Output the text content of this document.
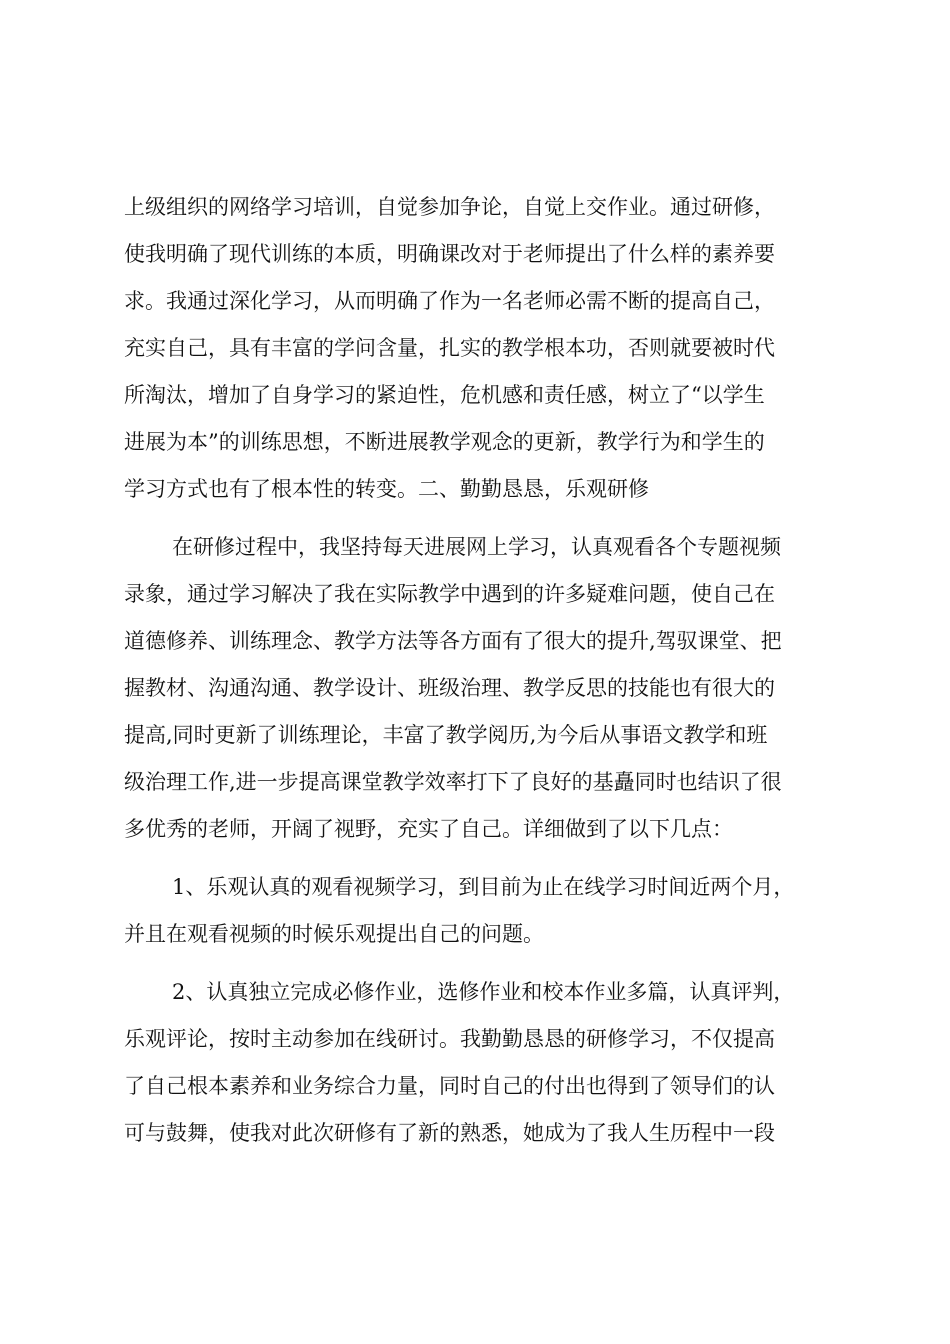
上级组织的网络学习培训，自觉参加争论，自觉上交作业。通过研修，
使我明确了现代训练的本质，明确课改对于老师提出了什么样的素养要
求。我通过深化学习，从而明确了作为一名老师必需不断的提高自己，
充实自己，具有丰富的学问含量，扎实的教学根本功，否则就要被时代
所淘汰，增加了自身学习的紧迫性，危机感和责任感，树立了“以学生
进展为本”的训练思想，不断进展教学观念的更新，教学行为和学生的
学习方式也有了根本性的转变。二、勤勤恳恳，乐观研修
在研修过程中，我坚持每天进展网上学习，认真观看各个专题视频
录象，通过学习解决了我在实际教学中遇到的许多疑难问题，使自己在
道德修养、训练理念、教学方法等各方面有了很大的提升,驾驭课堂、把
握教材、沟通沟通、教学设计、班级治理、教学反思的技能也有很大的
提高,同时更新了训练理论，丰富了教学阅历,为今后从事语文教学和班
级治理工作,进一步提高课堂教学效率打下了良好的基矗同时也结识了很
多优秀的老师，开阔了视野，充实了自己。详细做到了以下几点：
1、乐观认真的观看视频学习，到目前为止在线学习时间近两个月，
并且在观看视频的时候乐观提出自己的问题。
2、认真独立完成必修作业，选修作业和校本作业多篇，认真评判，
乐观评论，按时主动参加在线研讨。我勤勤恳恳的研修学习，不仅提高
了自己根本素养和业务综合力量，同时自己的付出也得到了领导们的认
可与鼓舞，使我对此次研修有了新的熟悉，她成为了我人生历程中一段
